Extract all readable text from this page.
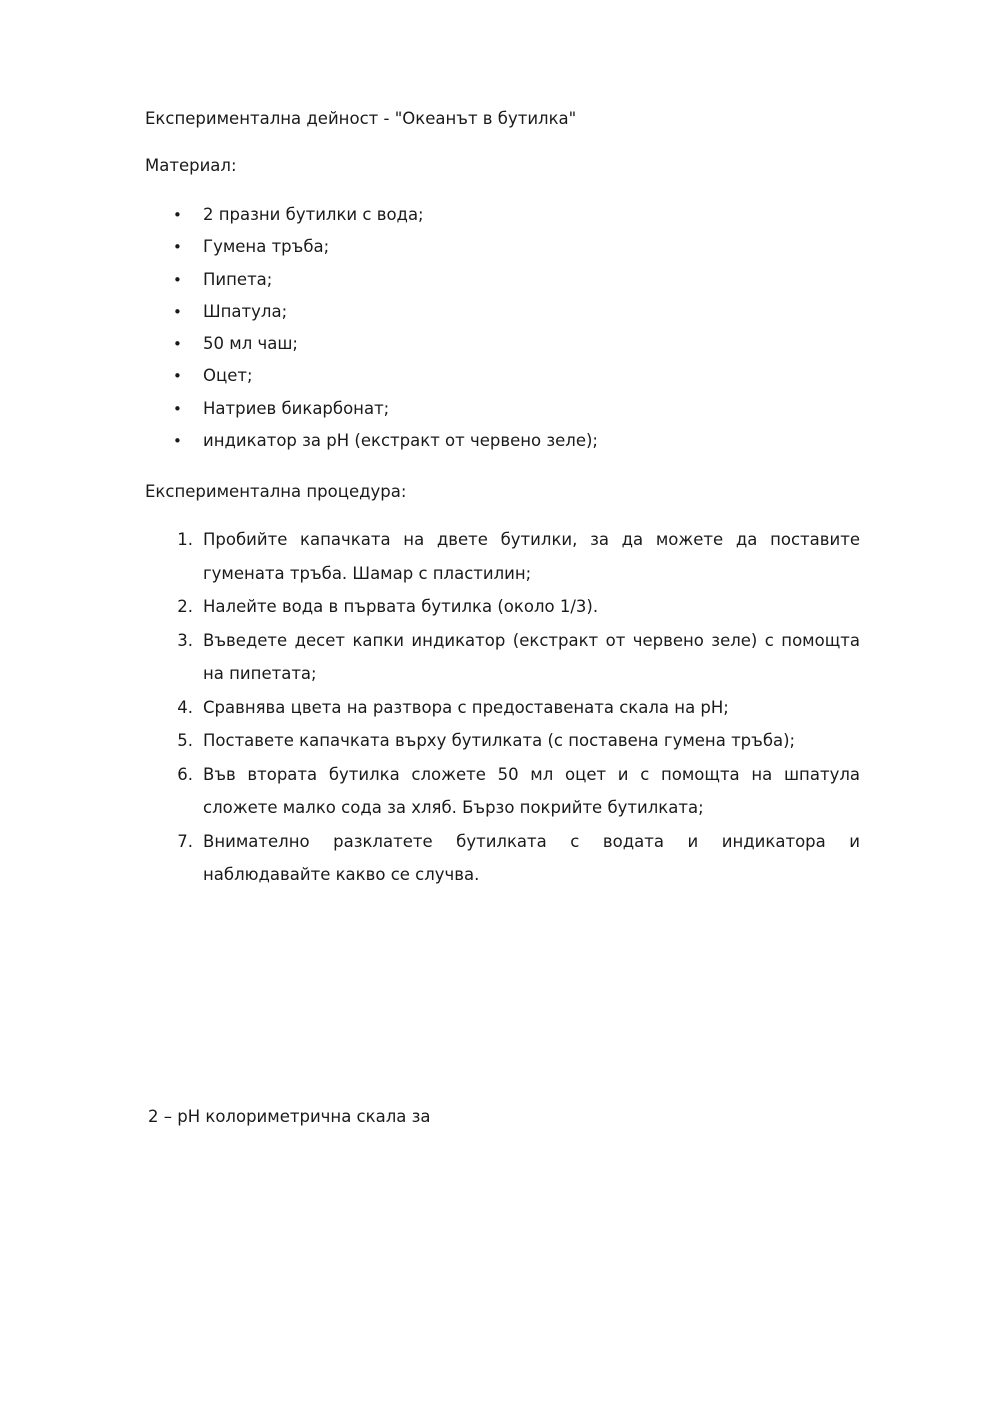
Експериментална дейност - "Океанът в бутилка"

Материал:

• 2 празни бутилки с вода;
• Гумена тръба;
• Пипета;
• Шпатула;
• 50 мл чаш;
• Оцет;
• Натриев бикарбонат;
• индикатор за pH (екстракт от червено зеле);

Експериментална процедура:

1. Пробийте капачката на двете бутилки, за да можете да поставите гумената тръба. Шамар с пластилин;
2. Налейте вода в първата бутилка (около 1/3).
3. Въведете десет капки индикатор (екстракт от червено зеле) с помощта на пипетата;
4. Сравнява цвета на разтвора с предоставената скала на pH;
5. Поставете капачката върху бутилката (с поставена гумена тръба);
6. Във втората бутилка сложете 50 мл оцет и с помощта на шпатула сложете малко сода за хляб. Бързо покрийте бутилката;
7. Внимателно разклатете бутилката с водата и индикатора и наблюдавайте какво се случва.
2 – pH колориметрична скала за
